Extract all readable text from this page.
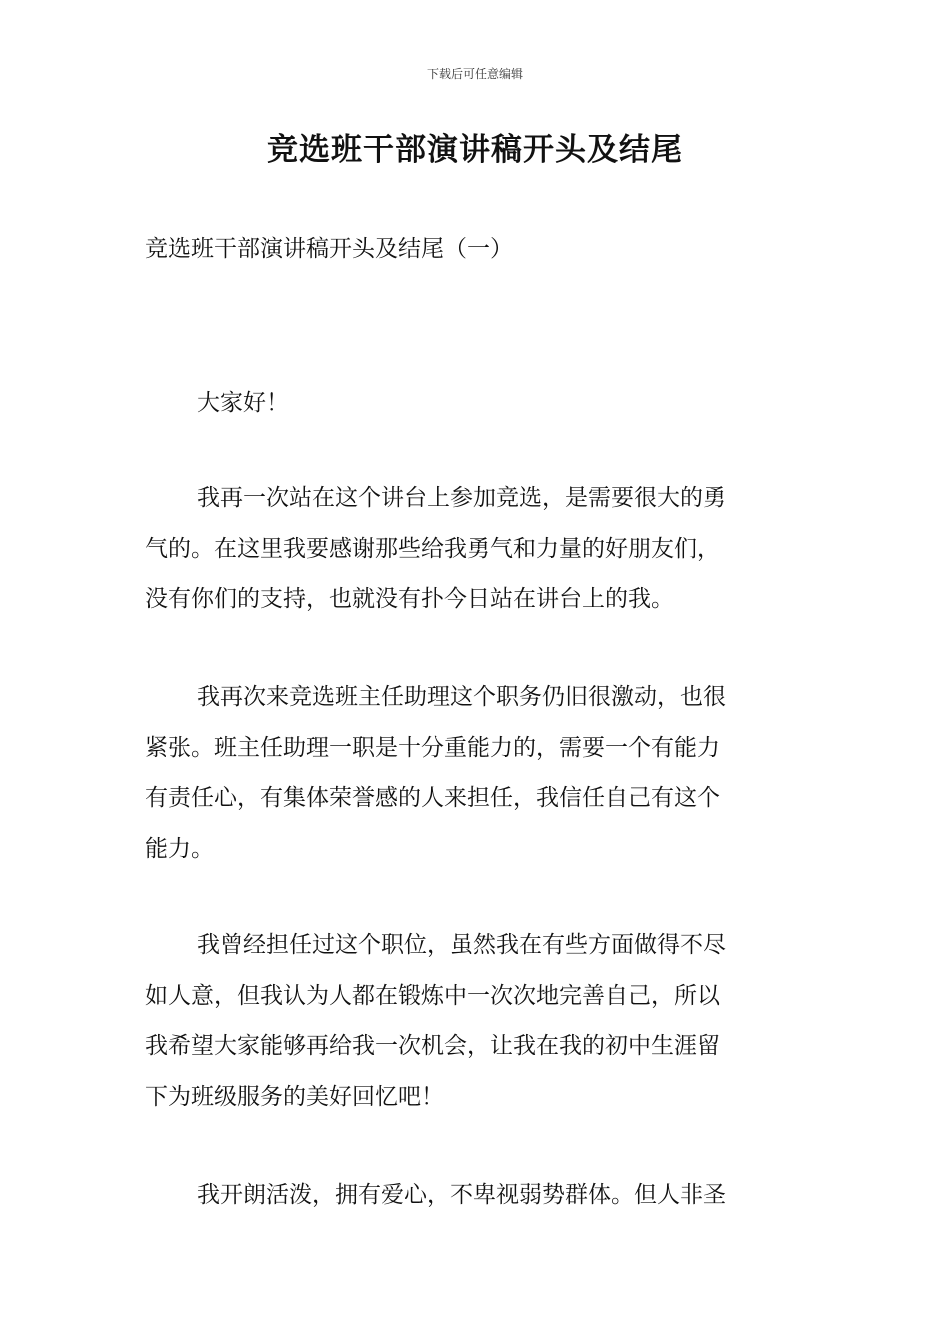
下载后可任意编辑
竞选班干部演讲稿开头及结尾
竞选班干部演讲稿开头及结尾（一）
大家好！
我再一次站在这个讲台上参加竞选，是需要很大的勇
气的。在这里我要感谢那些给我勇气和力量的好朋友们，
没有你们的支持，也就没有扑今日站在讲台上的我。
我再次来竞选班主任助理这个职务仍旧很激动，也很
紧张。班主任助理一职是十分重能力的，需要一个有能力
有责任心，有集体荣誉感的人来担任，我信任自己有这个
能力。
我曾经担任过这个职位，虽然我在有些方面做得不尽
如人意，但我认为人都在锻炼中一次次地完善自己，所以
我希望大家能够再给我一次机会，让我在我的初中生涯留
下为班级服务的美好回忆吧！
我开朗活泼，拥有爱心，不卑视弱势群体。但人非圣
